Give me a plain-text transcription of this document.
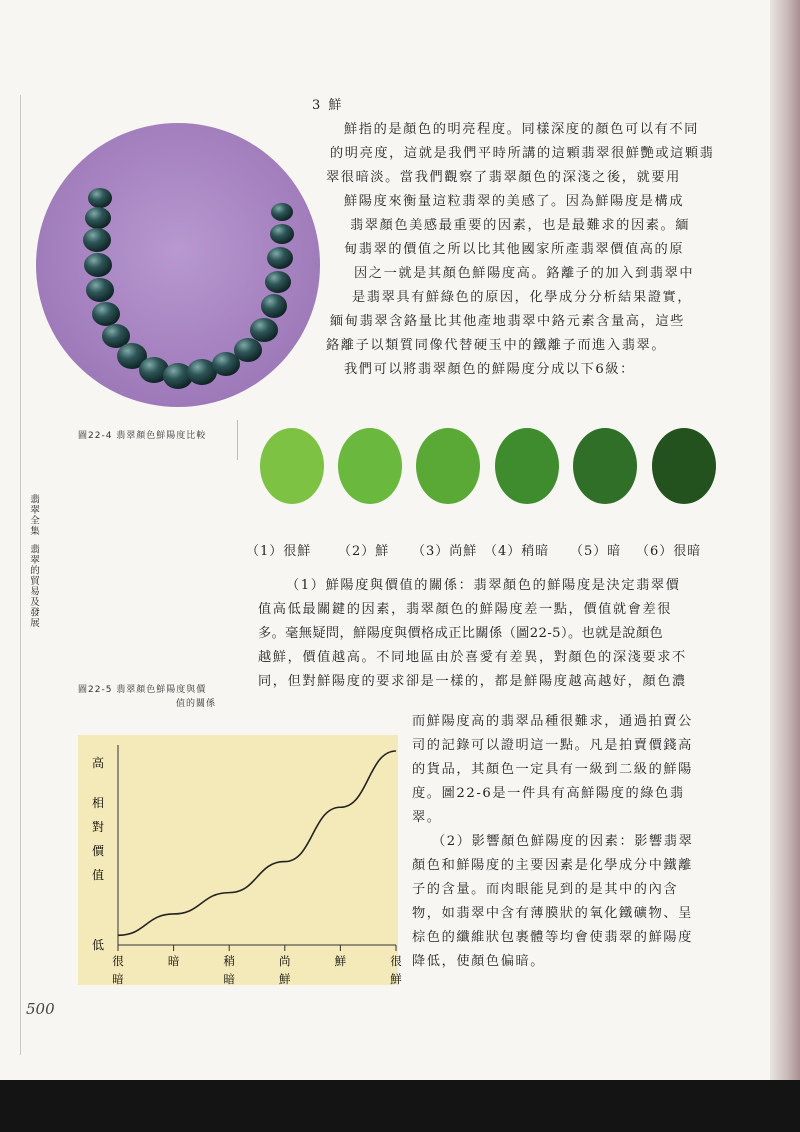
3 鮮
鮮指的是顏色的明亮程度。同樣深度的顏色可以有不同
的明亮度，這就是我們平時所講的這顆翡翠很鮮艷或這顆翡
翠很暗淡。當我們觀察了翡翠顏色的深淺之後，就要用
鮮陽度來衡量這粒翡翠的美感了。因為鮮陽度是構成
翡翠顏色美感最重要的因素，也是最難求的因素。緬
甸翡翠的價值之所以比其他國家所產翡翠價值高的原
因之一就是其顏色鮮陽度高。鉻離子的加入到翡翠中
是翡翠具有鮮綠色的原因，化學成分分析結果證實，
緬甸翡翠含鉻量比其他產地翡翠中鉻元素含量高，這些
鉻離子以類質同像代替硬玉中的鐵離子而進入翡翠。
我們可以將翡翠顏色的鮮陽度分成以下6級：
圖22-4 翡翠顏色鮮陽度比較
（1）很鮮 （2）鮮 （3）尚鮮 （4）稍暗 （5）暗 （6）很暗
（1）鮮陽度與價值的關係：翡翠顏色的鮮陽度是決定翡翠價
值高低最關鍵的因素，翡翠顏色的鮮陽度差一點，價值就會差很
多。毫無疑問，鮮陽度與價格成正比關係（圖22-5）。也就是說顏色
越鮮，價值越高。不同地區由於喜愛有差異，對顏色的深淺要求不
同，但對鮮陽度的要求卻是一樣的，都是鮮陽度越高越好，顏色濃
圖22-5 翡翠顏色鮮陽度與價
值的關係
而鮮陽度高的翡翠品種很難求，通過拍賣公
司的記錄可以證明這一點。凡是拍賣價錢高
的貨品，其顏色一定具有一級到二級的鮮陽
度。圖22-6是一件具有高鮮陽度的綠色翡
翠。
（2）影響顏色鮮陽度的因素：影響翡翠
顏色和鮮陽度的主要因素是化學成分中鐵離
子的含量。而肉眼能見到的是其中的內含
物，如翡翠中含有薄膜狀的氧化鐵礦物、呈
棕色的纖維狀包裹體等均會使翡翠的鮮陽度
降低，使顏色偏暗。
高
低
相
對
價
值
很
暗
暗	稍
暗
尚
鮮
鮮	很
鮮
翡翠全集翡翠的貿易及發展
500
